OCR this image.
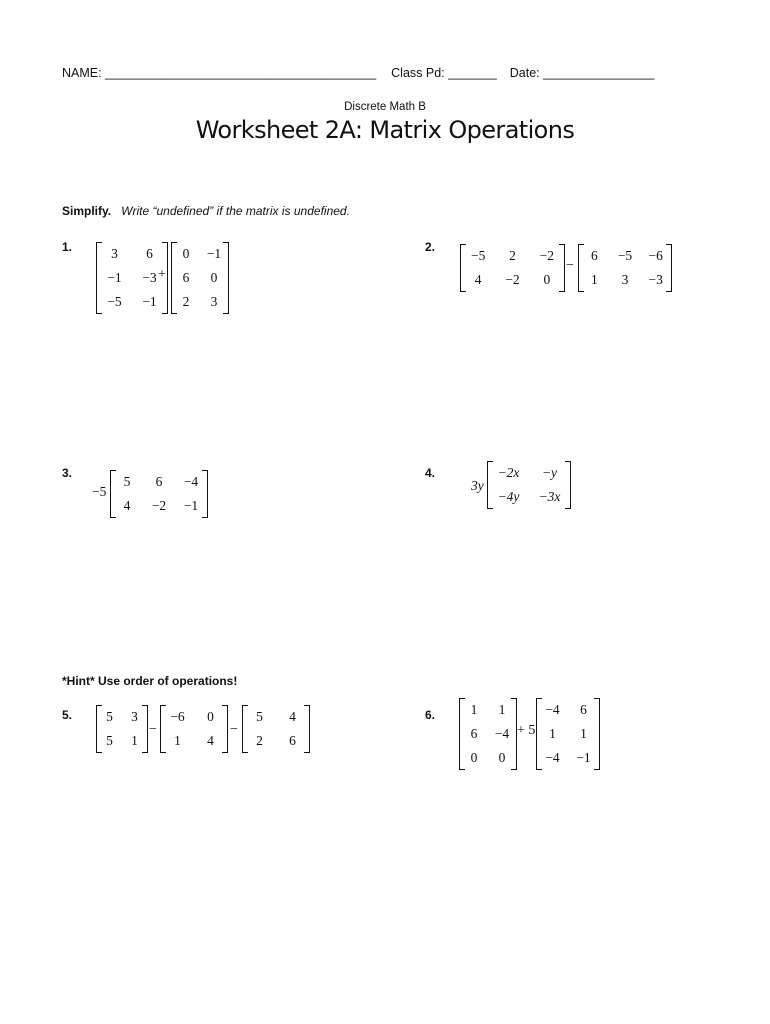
NAME: _______________________________________ Class Pd: _______ Date: ________________
Discrete Math B
Worksheet 2A: Matrix Operations
Simplify. Write “undefined” if the matrix is undefined.
1.	3	6
−1	−3
−5	−1
+
0	−1
6	0
2	3
2.
−5	2	−2
4	−2	0
−
6	−5	−6
1	3	−3
3.
−5
5	6	−4
4	−2	−1
4.
3y
−2x	−y
−4y	−3x
*Hint* Use order of operations!
5.	5	3
5	1
−
−6	0
1	4
−
5	4
2	6
6.	1	1
6	−4
0	0
+ 5
−4	6
1	1
−4	−1
